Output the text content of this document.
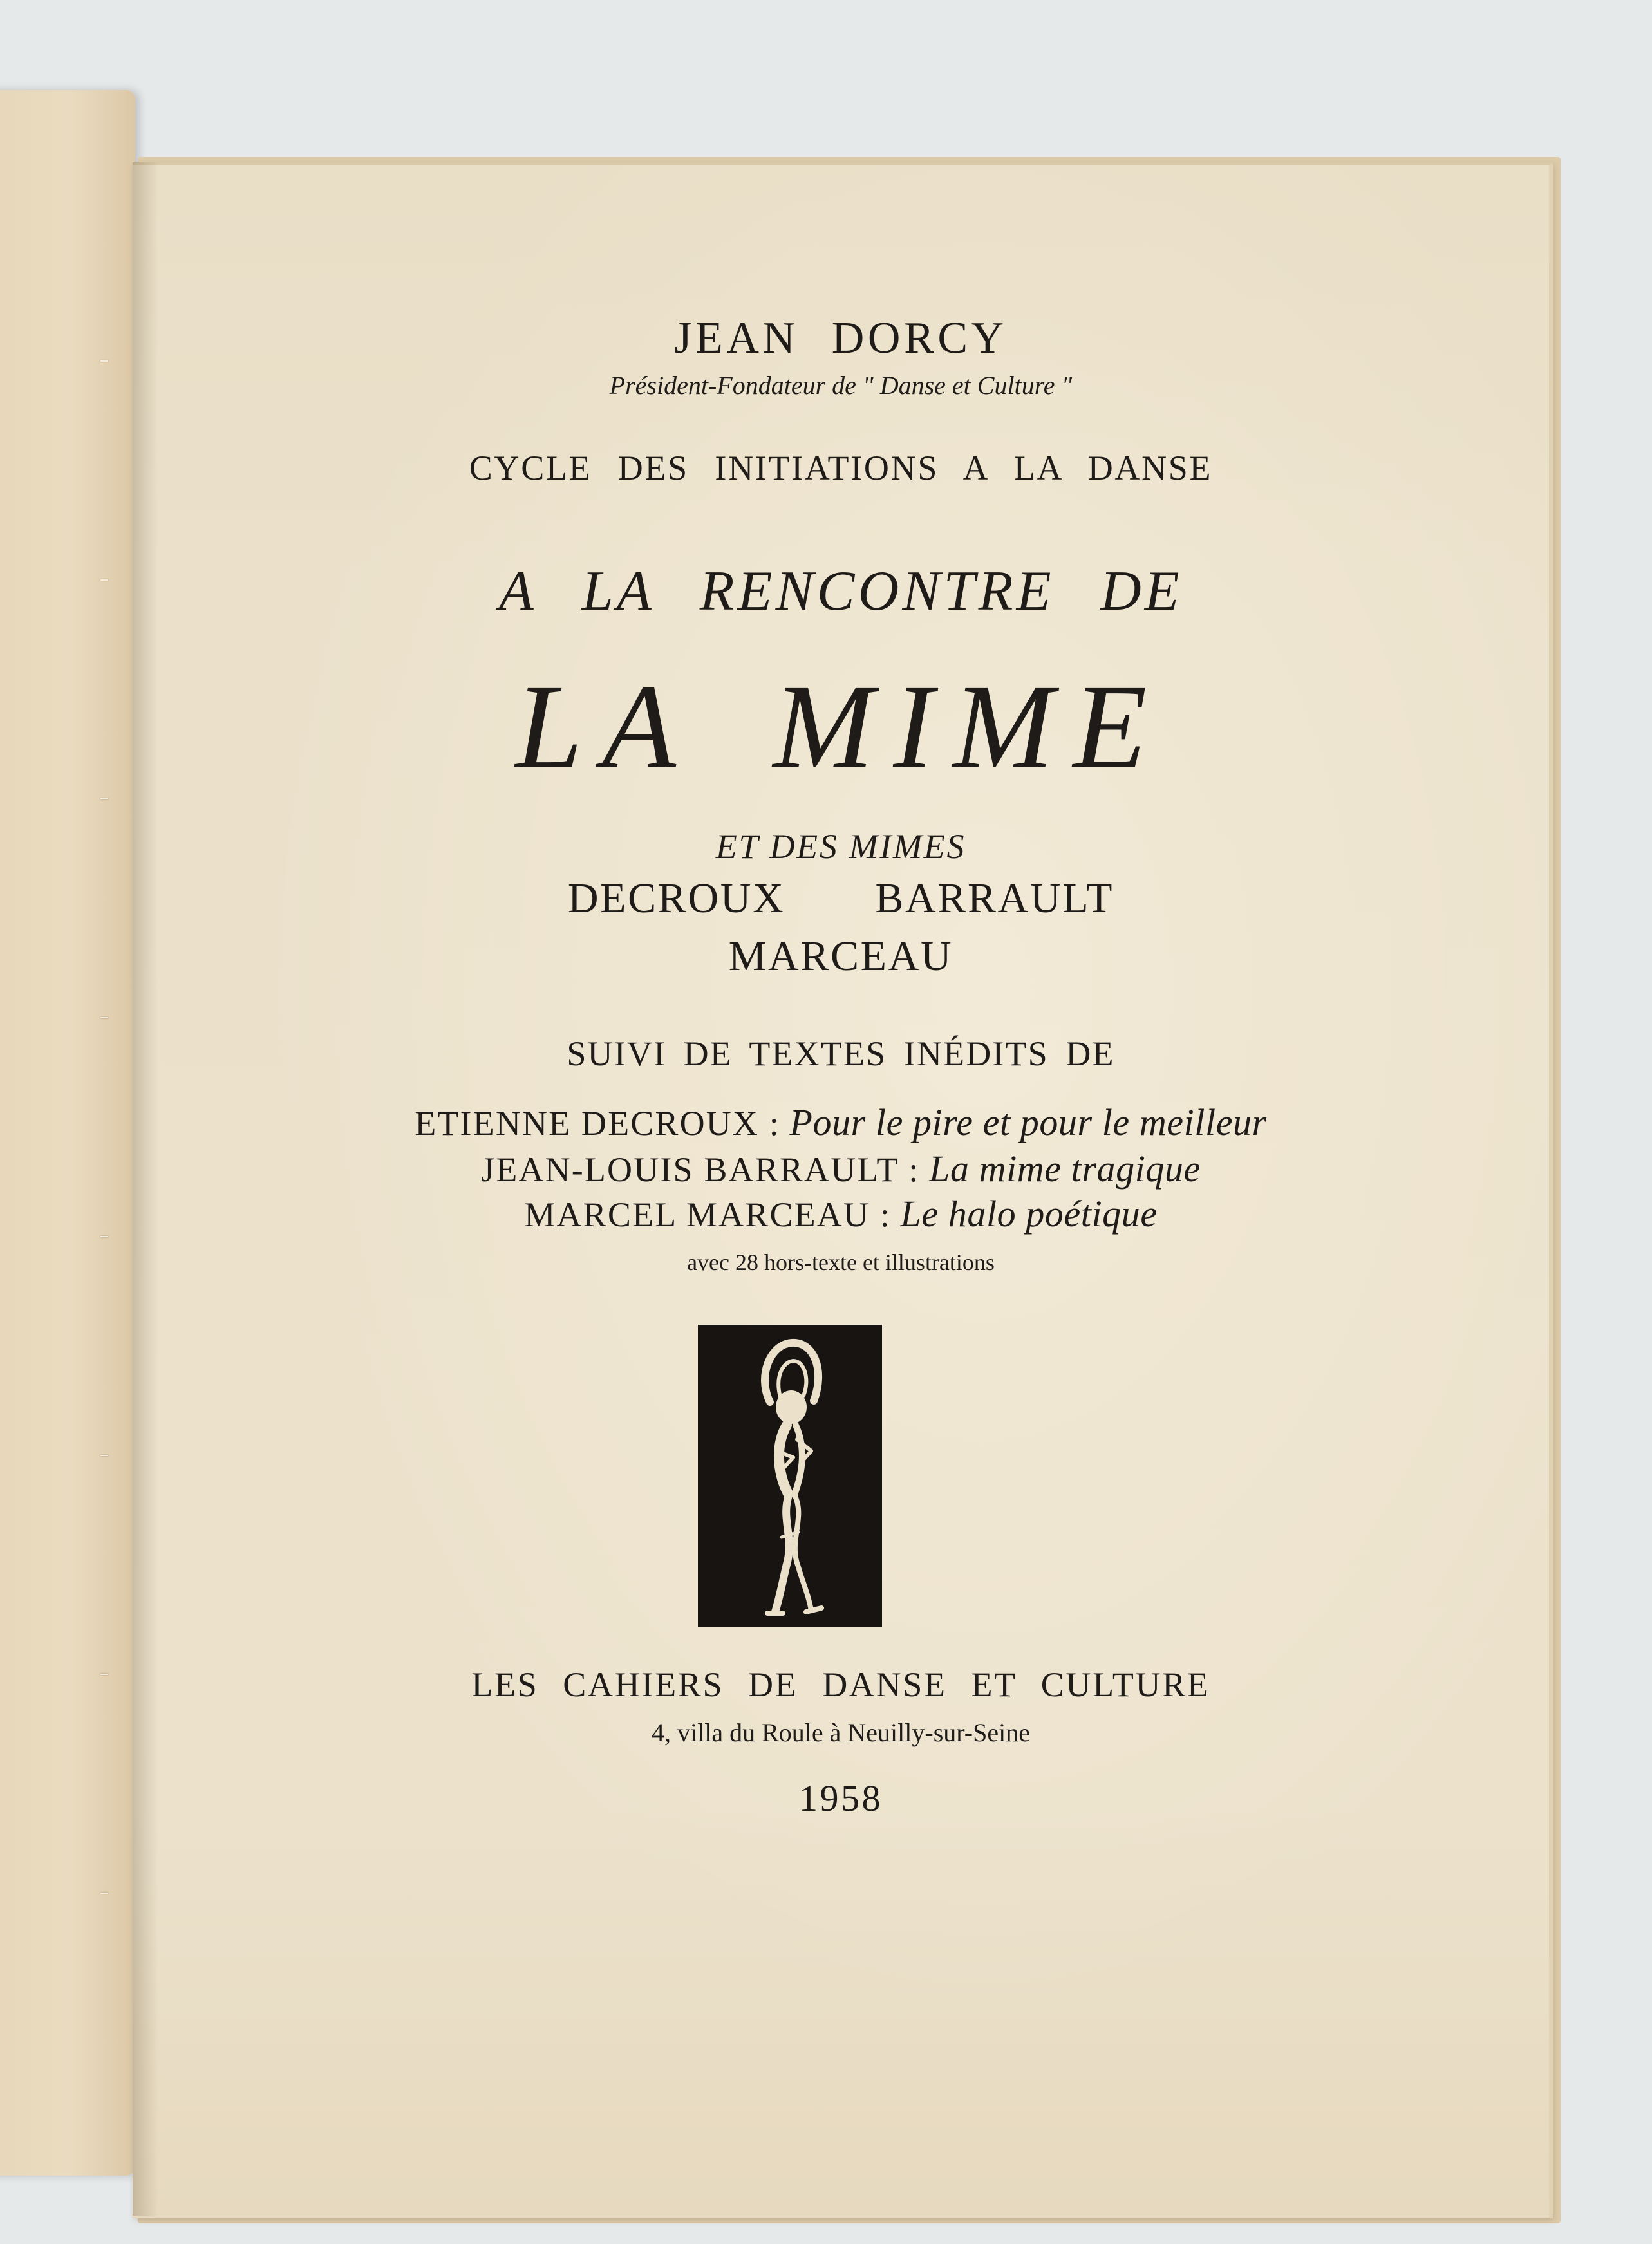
JEAN DORCY

Président-Fondateur de " Danse et Culture "

CYCLE DES INITIATIONS A LA DANSE

A LA RENCONTRE DE

LA MIME

ET DES MIMES

DECROUX BARRAULT

MARCEAU

SUIVI DE TEXTES INÉDITS DE

ETIENNE DECROUX : Pour le pire et pour le meilleur

JEAN-LOUIS BARRAULT : La mime tragique

MARCEL MARCEAU : Le halo poétique

avec 28 hors-texte et illustrations

LES CAHIERS DE DANSE ET CULTURE

4, villa du Roule à Neuilly-sur-Seine

1958
